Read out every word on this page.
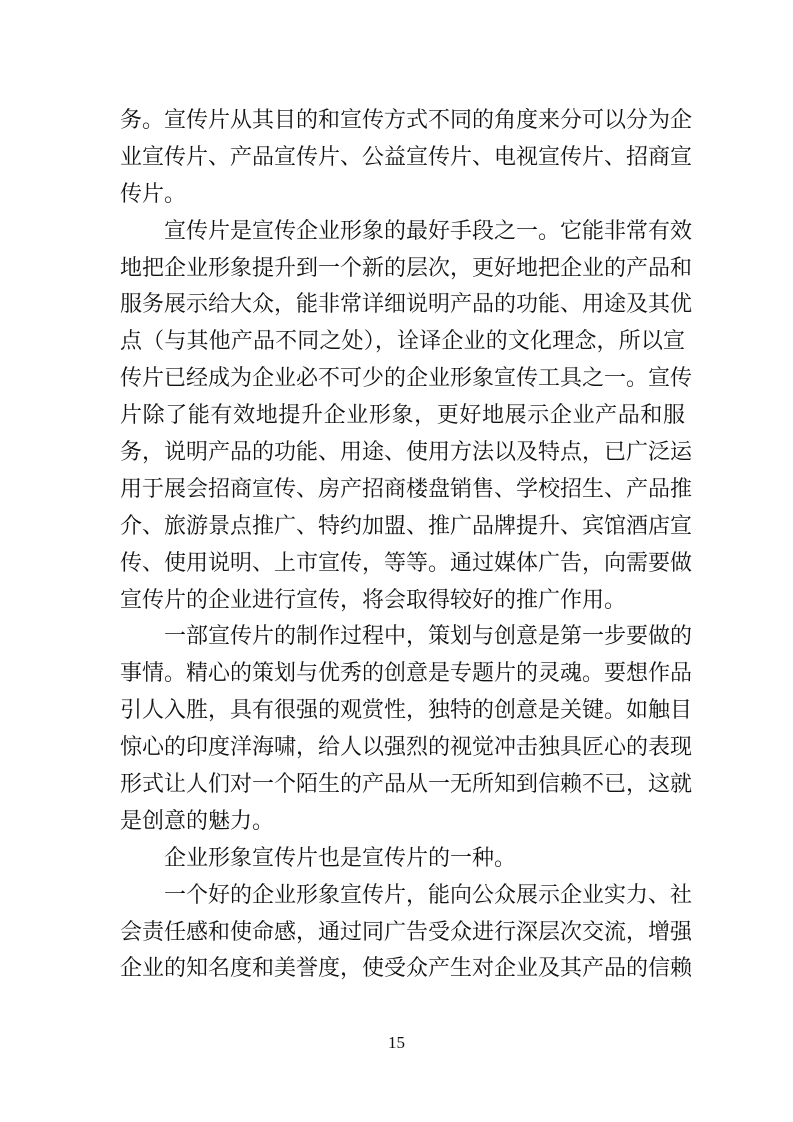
务。宣传片从其目的和宣传方式不同的角度来分可以分为企
业宣传片、产品宣传片、公益宣传片、电视宣传片、招商宣
传片。
宣传片是宣传企业形象的最好手段之一。它能非常有效
地把企业形象提升到一个新的层次，更好地把企业的产品和
服务展示给大众，能非常详细说明产品的功能、用途及其优
点（与其他产品不同之处），诠译企业的文化理念，所以宣
传片已经成为企业必不可少的企业形象宣传工具之一。宣传
片除了能有效地提升企业形象，更好地展示企业产品和服
务，说明产品的功能、用途、使用方法以及特点，已广泛运
用于展会招商宣传、房产招商楼盘销售、学校招生、产品推
介、旅游景点推广、特约加盟、推广品牌提升、宾馆酒店宣
传、使用说明、上市宣传，等等。通过媒体广告，向需要做
宣传片的企业进行宣传，将会取得较好的推广作用。
一部宣传片的制作过程中，策划与创意是第一步要做的
事情。精心的策划与优秀的创意是专题片的灵魂。要想作品
引人入胜，具有很强的观赏性，独特的创意是关键。如触目
惊心的印度洋海啸，给人以强烈的视觉冲击独具匠心的表现
形式让人们对一个陌生的产品从一无所知到信赖不已，这就
是创意的魅力。
企业形象宣传片也是宣传片的一种。
一个好的企业形象宣传片，能向公众展示企业实力、社
会责任感和使命感，通过同广告受众进行深层次交流，增强
企业的知名度和美誉度，使受众产生对企业及其产品的信赖
15
